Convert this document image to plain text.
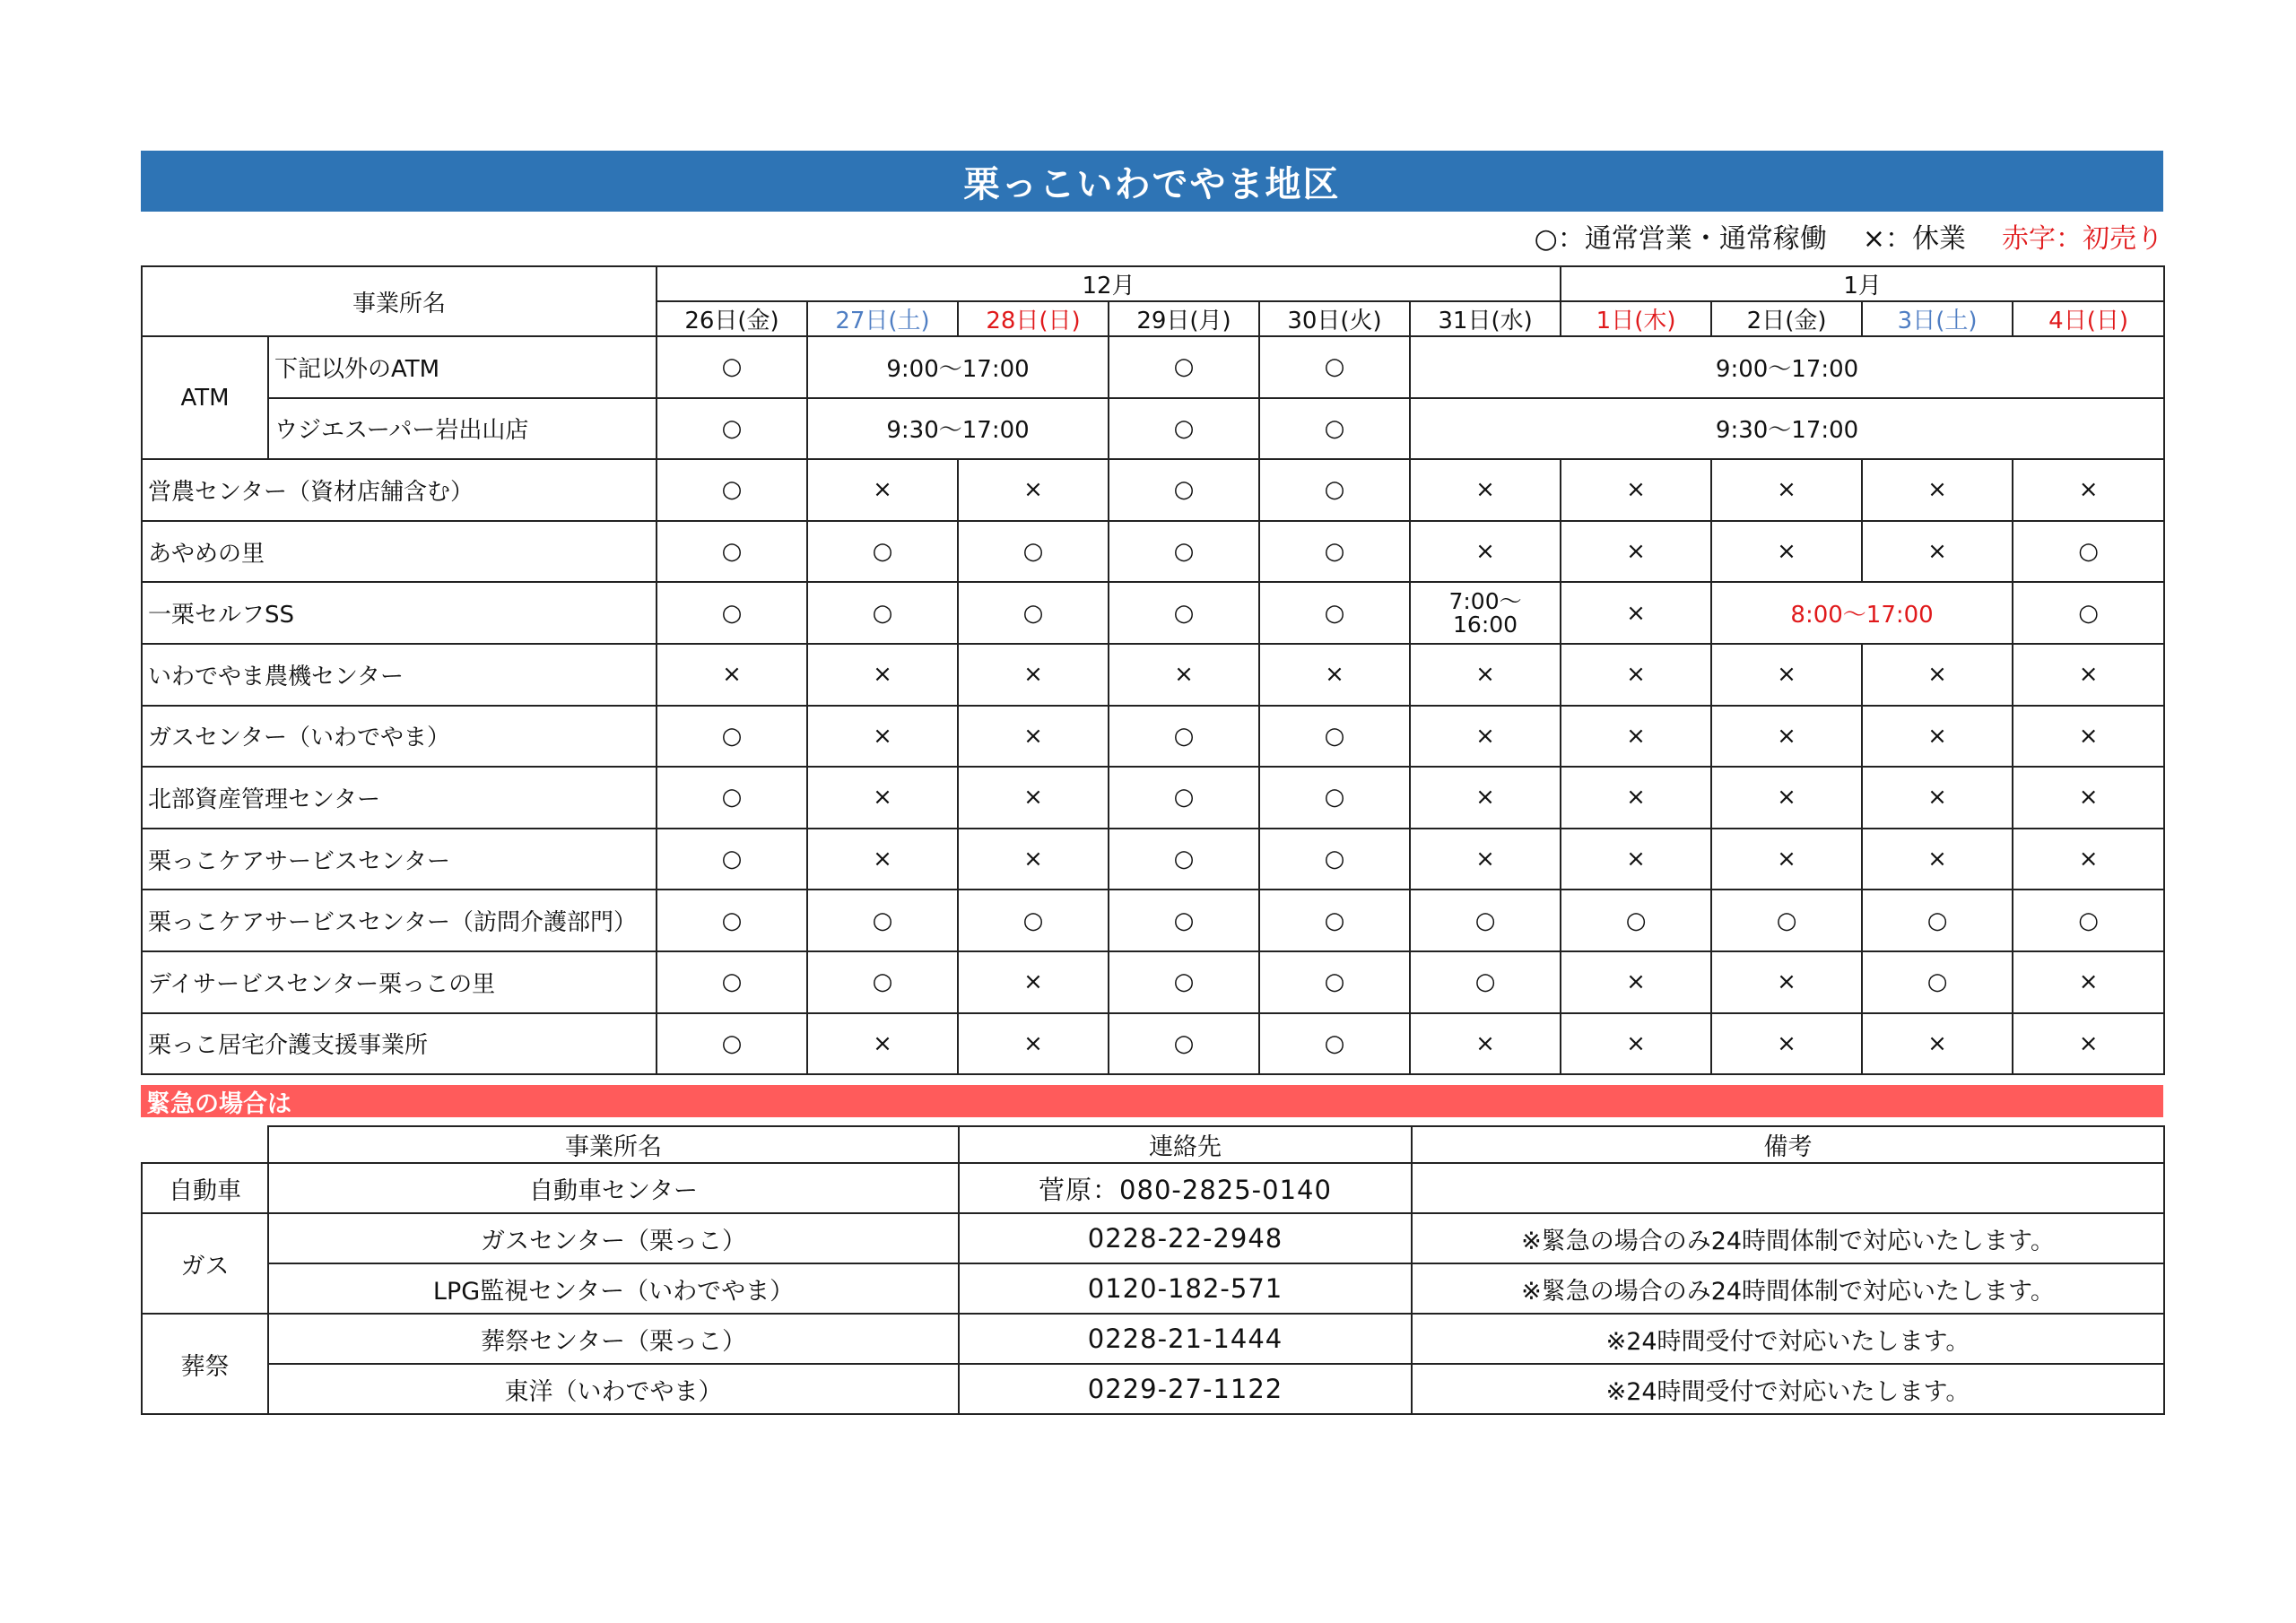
栗っこいわでやま地区
○：通常営業・通常稼働 ×：休業 赤字：初売り
事業所名		12月						1月			
		26日(金)	27日(土)	28日(日)	29日(月)	30日(火)	31日(水)	1日(木)	2日(金)	3日(土)	4日(日)
ATM	下記以外のATM	○	9:00～17:00		○	○	9:00～17:00				
	ウジエスーパー岩出山店	○	9:30～17:00		○	○	9:30～17:00				
営農センター（資材店舗含む）		○	×	×	○	○	×	×	×	×	×
あやめの里		○	○	○	○	○	×	×	×	×	○
一栗セルフSS		○	○	○	○	○	7:00～
16:00	×	8:00～17:00		○
いわでやま農機センター		×	×	×	×	×	×	×	×	×	×
ガスセンター（いわでやま）		○	×	×	○	○	×	×	×	×	×
北部資産管理センター		○	×	×	○	○	×	×	×	×	×
栗っこケアサービスセンター		○	×	×	○	○	×	×	×	×	×
栗っこケアサービスセンター（訪問介護部門）		○	○	○	○	○	○	○	○	○	○
デイサービスセンター栗っこの里		○	○	×	○	○	○	×	×	○	×
栗っこ居宅介護支援事業所		○	×	×	○	○	×	×	×	×	×
緊急の場合は
	事業所名	連絡先	備考
自動車	自動車センター	菅原：080-2825-0140	
ガス	ガスセンター（栗っこ）	0228-22-2948	※緊急の場合のみ24時間体制で対応いたします。
	LPG監視センター（いわでやま）	0120-182-571	※緊急の場合のみ24時間体制で対応いたします。
葬祭	葬祭センター（栗っこ）	0228-21-1444	※24時間受付で対応いたします。
	東洋（いわでやま）	0229-27-1122	※24時間受付で対応いたします。
